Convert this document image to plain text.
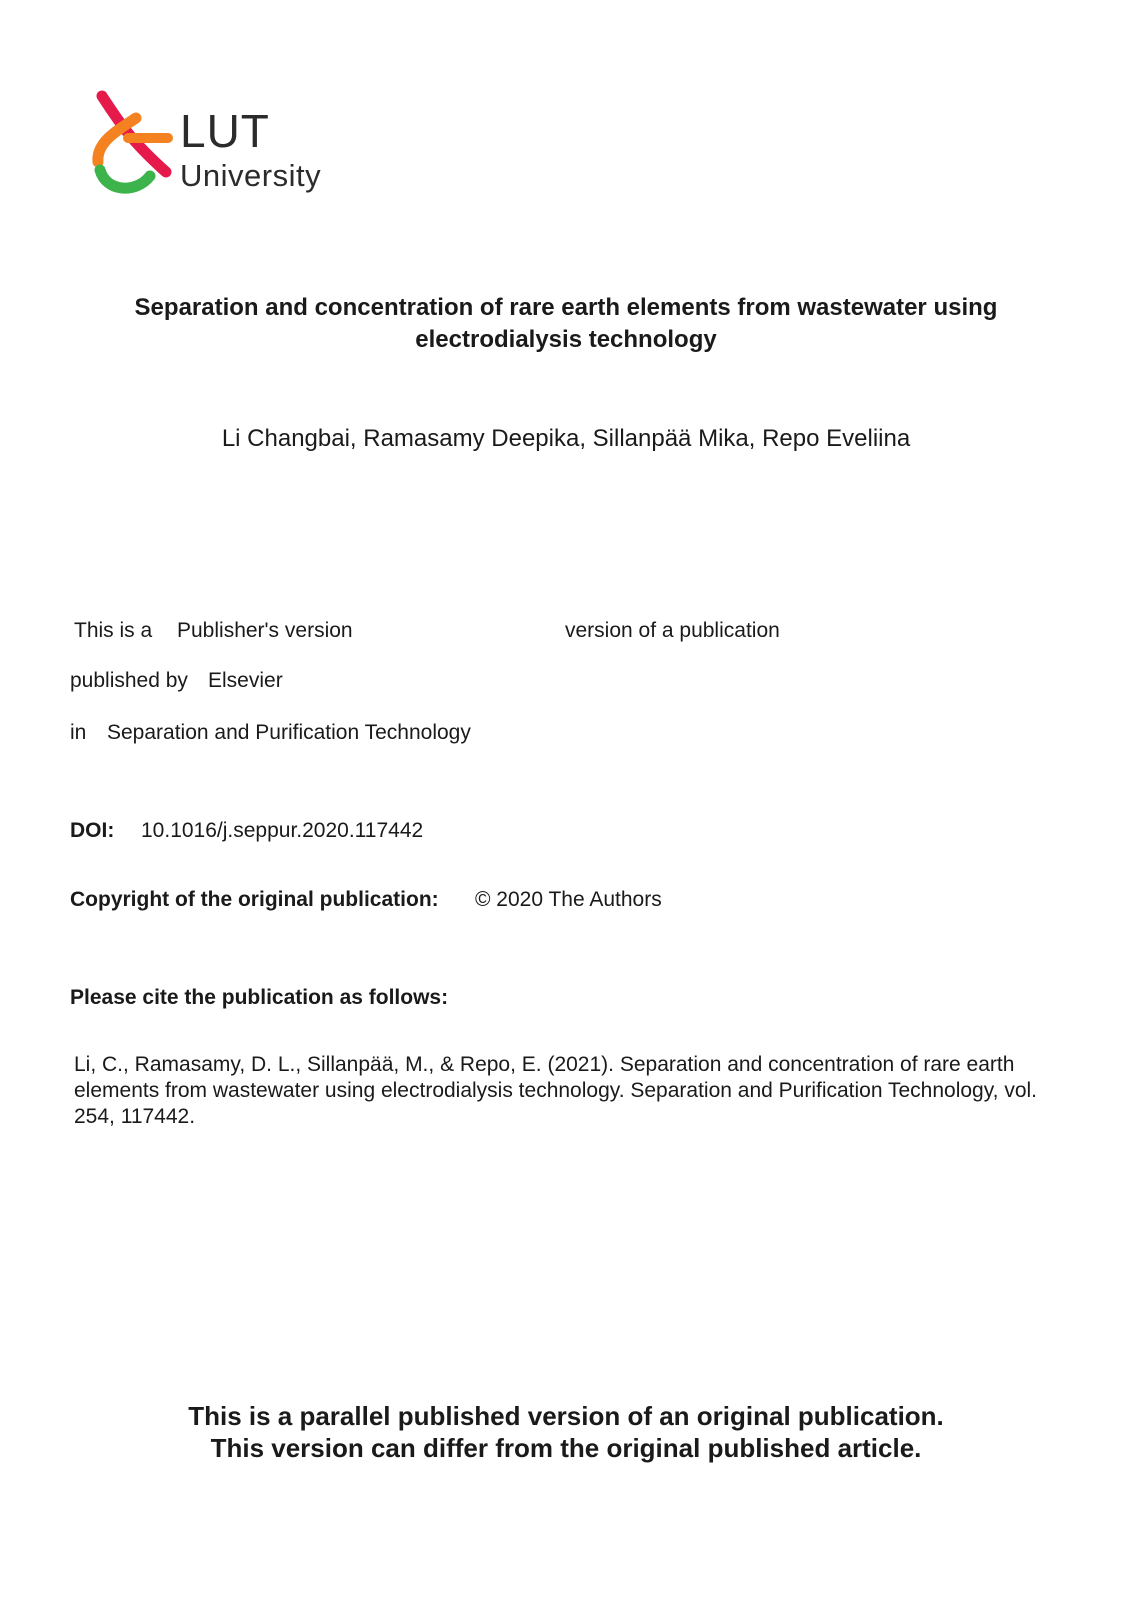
LUT
University
Separation and concentration of rare earth elements from wastewater using
electrodialysis technology
Li Changbai, Ramasamy Deepika, Sillanpää Mika, Repo Eveliina
This is a Publisher's version	version of a publication
published by Elsevier
in Separation and Purification Technology
DOI: 10.1016/j.seppur.2020.117442
Copyright of the original publication: © 2020 The Authors
Please cite the publication as follows:
Li, C., Ramasamy, D. L., Sillanpää, M., & Repo, E. (2021). Separation and concentration of rare earth elements from wastewater using electrodialysis technology. Separation and Purification Technology, vol. 254, 117442.
This is a parallel published version of an original publication.
This version can differ from the original published article.
